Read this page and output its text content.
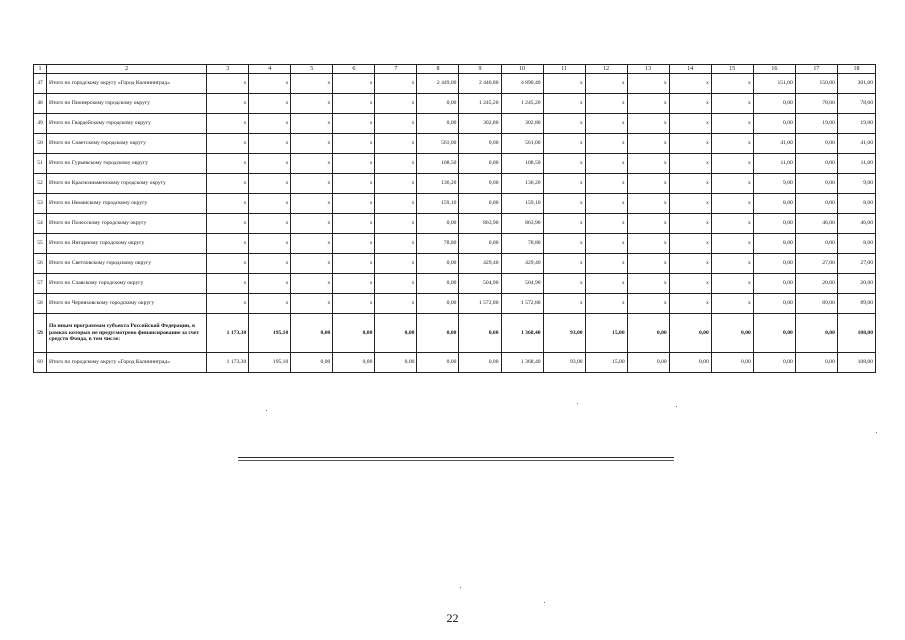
1	2	3	4	5	6	7	8	9	10	11	12	13	14	15	16	17	18
47	Итого по городскому округу «Город Калининград»	x	x	x	x	x	2 449,00	2 440,80	4 890,40	x	x	x	x	x	151,00	150,00	301,00
48	Итого по Пионерскому городскому округу	x	x	x	x	x	0,00	1 245,20	1 245,20	x	x	x	x	x	0,00	78,00	78,00
49	Итого по Гвардейскому городскому округу	x	x	x	x	x	0,00	302,80	302,80	x	x	x	x	x	0,00	19,00	19,00
50	Итого по Советскому городскому округу	x	x	x	x	x	561,00	0,00	561,00	x	x	x	x	x	41,00	0,00	41,00
51	Итого по Гурьевскому городскому округу	x	x	x	x	x	108,50	0,00	108,50	x	x	x	x	x	11,00	0,00	11,00
52	Итого по Краснознаменскому городскому округу	x	x	x	x	x	136,20	0,00	136,20	x	x	x	x	x	9,00	0,00	9,00
53	Итого по Неманскому городскому округу	x	x	x	x	x	159,10	0,00	159,10	x	x	x	x	x	8,00	0,00	8,00
54	Итого по Полесскому городскому округу	x	x	x	x	x	0,00	863,90	863,90	x	x	x	x	x	0,00	46,00	46,00
55	Итого по Янтарному городскому округу	x	x	x	x	x	78,80	0,00	78,80	x	x	x	x	x	8,00	0,00	8,00
56	Итого по Светловскому городскому округу	x	x	x	x	x	0,00	429,40	429,40	x	x	x	x	x	0,00	27,00	27,00
57	Итого по Славскому городскому округу	x	x	x	x	x	0,00	504,90	504,90	x	x	x	x	x	0,00	20,00	20,00
58	Итого по Черняховскому городскому округу	x	x	x	x	x	0,00	1 572,80	1 572,80	x	x	x	x	x	0,00	89,00	89,00
59	По иным программам субъекта Российской Федерации, в рамках которых не предусмотрено финансирование за счет средств Фонда, в том числе:	1 173,30	195,10	0,00	0,00	0,00	0,00	0,00	1 368,40	93,00	15,00	0,00	0,00	0,00	0,00	0,00	108,00
60	Итого по городскому округу «Город Калининград»	1 173,30	195,10	0,00	0,00	0,00	0,00	0,00	1 368,40	93,00	15,00	0,00	0,00	0,00	0,00	0,00	108,00
22
